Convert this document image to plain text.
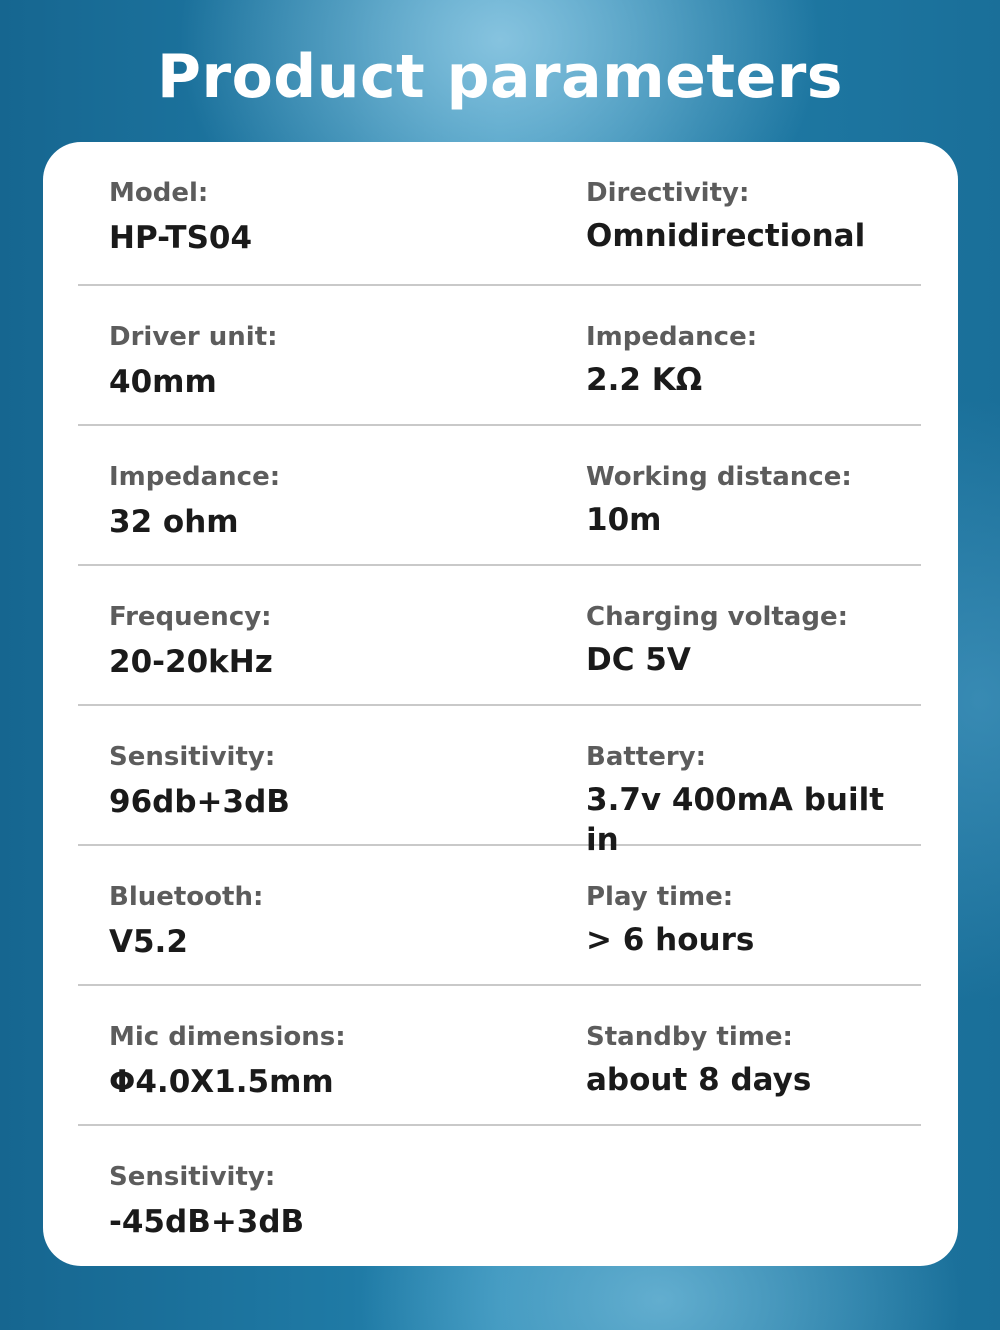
Product parameters
Model:
HP-TS04
Directivity:
Omnidirectional
Driver unit:
40mm
Impedance:
2.2 KΩ
Impedance:
32 ohm
Working distance:
10m
Frequency:
20-20kHz
Charging voltage:
DC 5V
Sensitivity:
96db+3dB
Battery:
3.7v 400mA built in
Bluetooth:
V5.2
Play time:
> 6 hours
Mic dimensions:
Φ4.0X1.5mm
Standby time:
about 8 days
Sensitivity:
-45dB+3dB
